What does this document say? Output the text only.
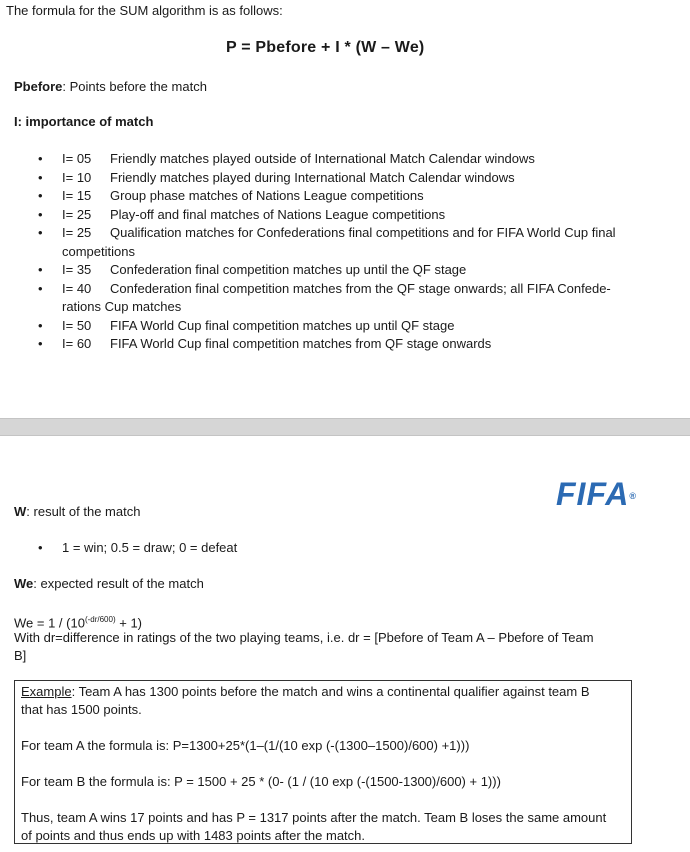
The formula for the SUM algorithm is as follows:
P = Pbefore + I * (W – We)
Pbefore: Points before the match
I: importance of match
• I= 05 Friendly matches played outside of International Match Calendar windows
• I= 10 Friendly matches played during International Match Calendar windows
• I= 15 Group phase matches of Nations League competitions
• I= 25 Play-off and final matches of Nations League competitions
• I= 25 Qualification matches for Confederations final competitions and for FIFA World Cup final
competitions
• I= 35 Confederation final competition matches up until the QF stage
• I= 40 Confederation final competition matches from the QF stage onwards; all FIFA Confede-
rations Cup matches
• I= 50 FIFA World Cup final competition matches up until QF stage
• I= 60 FIFA World Cup final competition matches from QF stage onwards
FIFA®
W: result of the match
• 1 = win; 0.5 = draw; 0 = defeat
We: expected result of the match
$We = 1 / (10^{(-dr/600)} + 1)$
With dr=difference in ratings of the two playing teams, i.e. dr = [Pbefore of Team A – Pbefore of Team
B]
Example: Team A has 1300 points before the match and wins a continental qualifier against team B
that has 1500 points.
For team A the formula is: P=1300+25*(1–(1/(10 exp (-(1300–1500)/600) +1)))
For team B the formula is: P = 1500 + 25 * (0- (1 / (10 exp (-(1500-1300)/600) + 1)))
Thus, team A wins 17 points and has P = 1317 points after the match. Team B loses the same amount
of points and thus ends up with 1483 points after the match.
